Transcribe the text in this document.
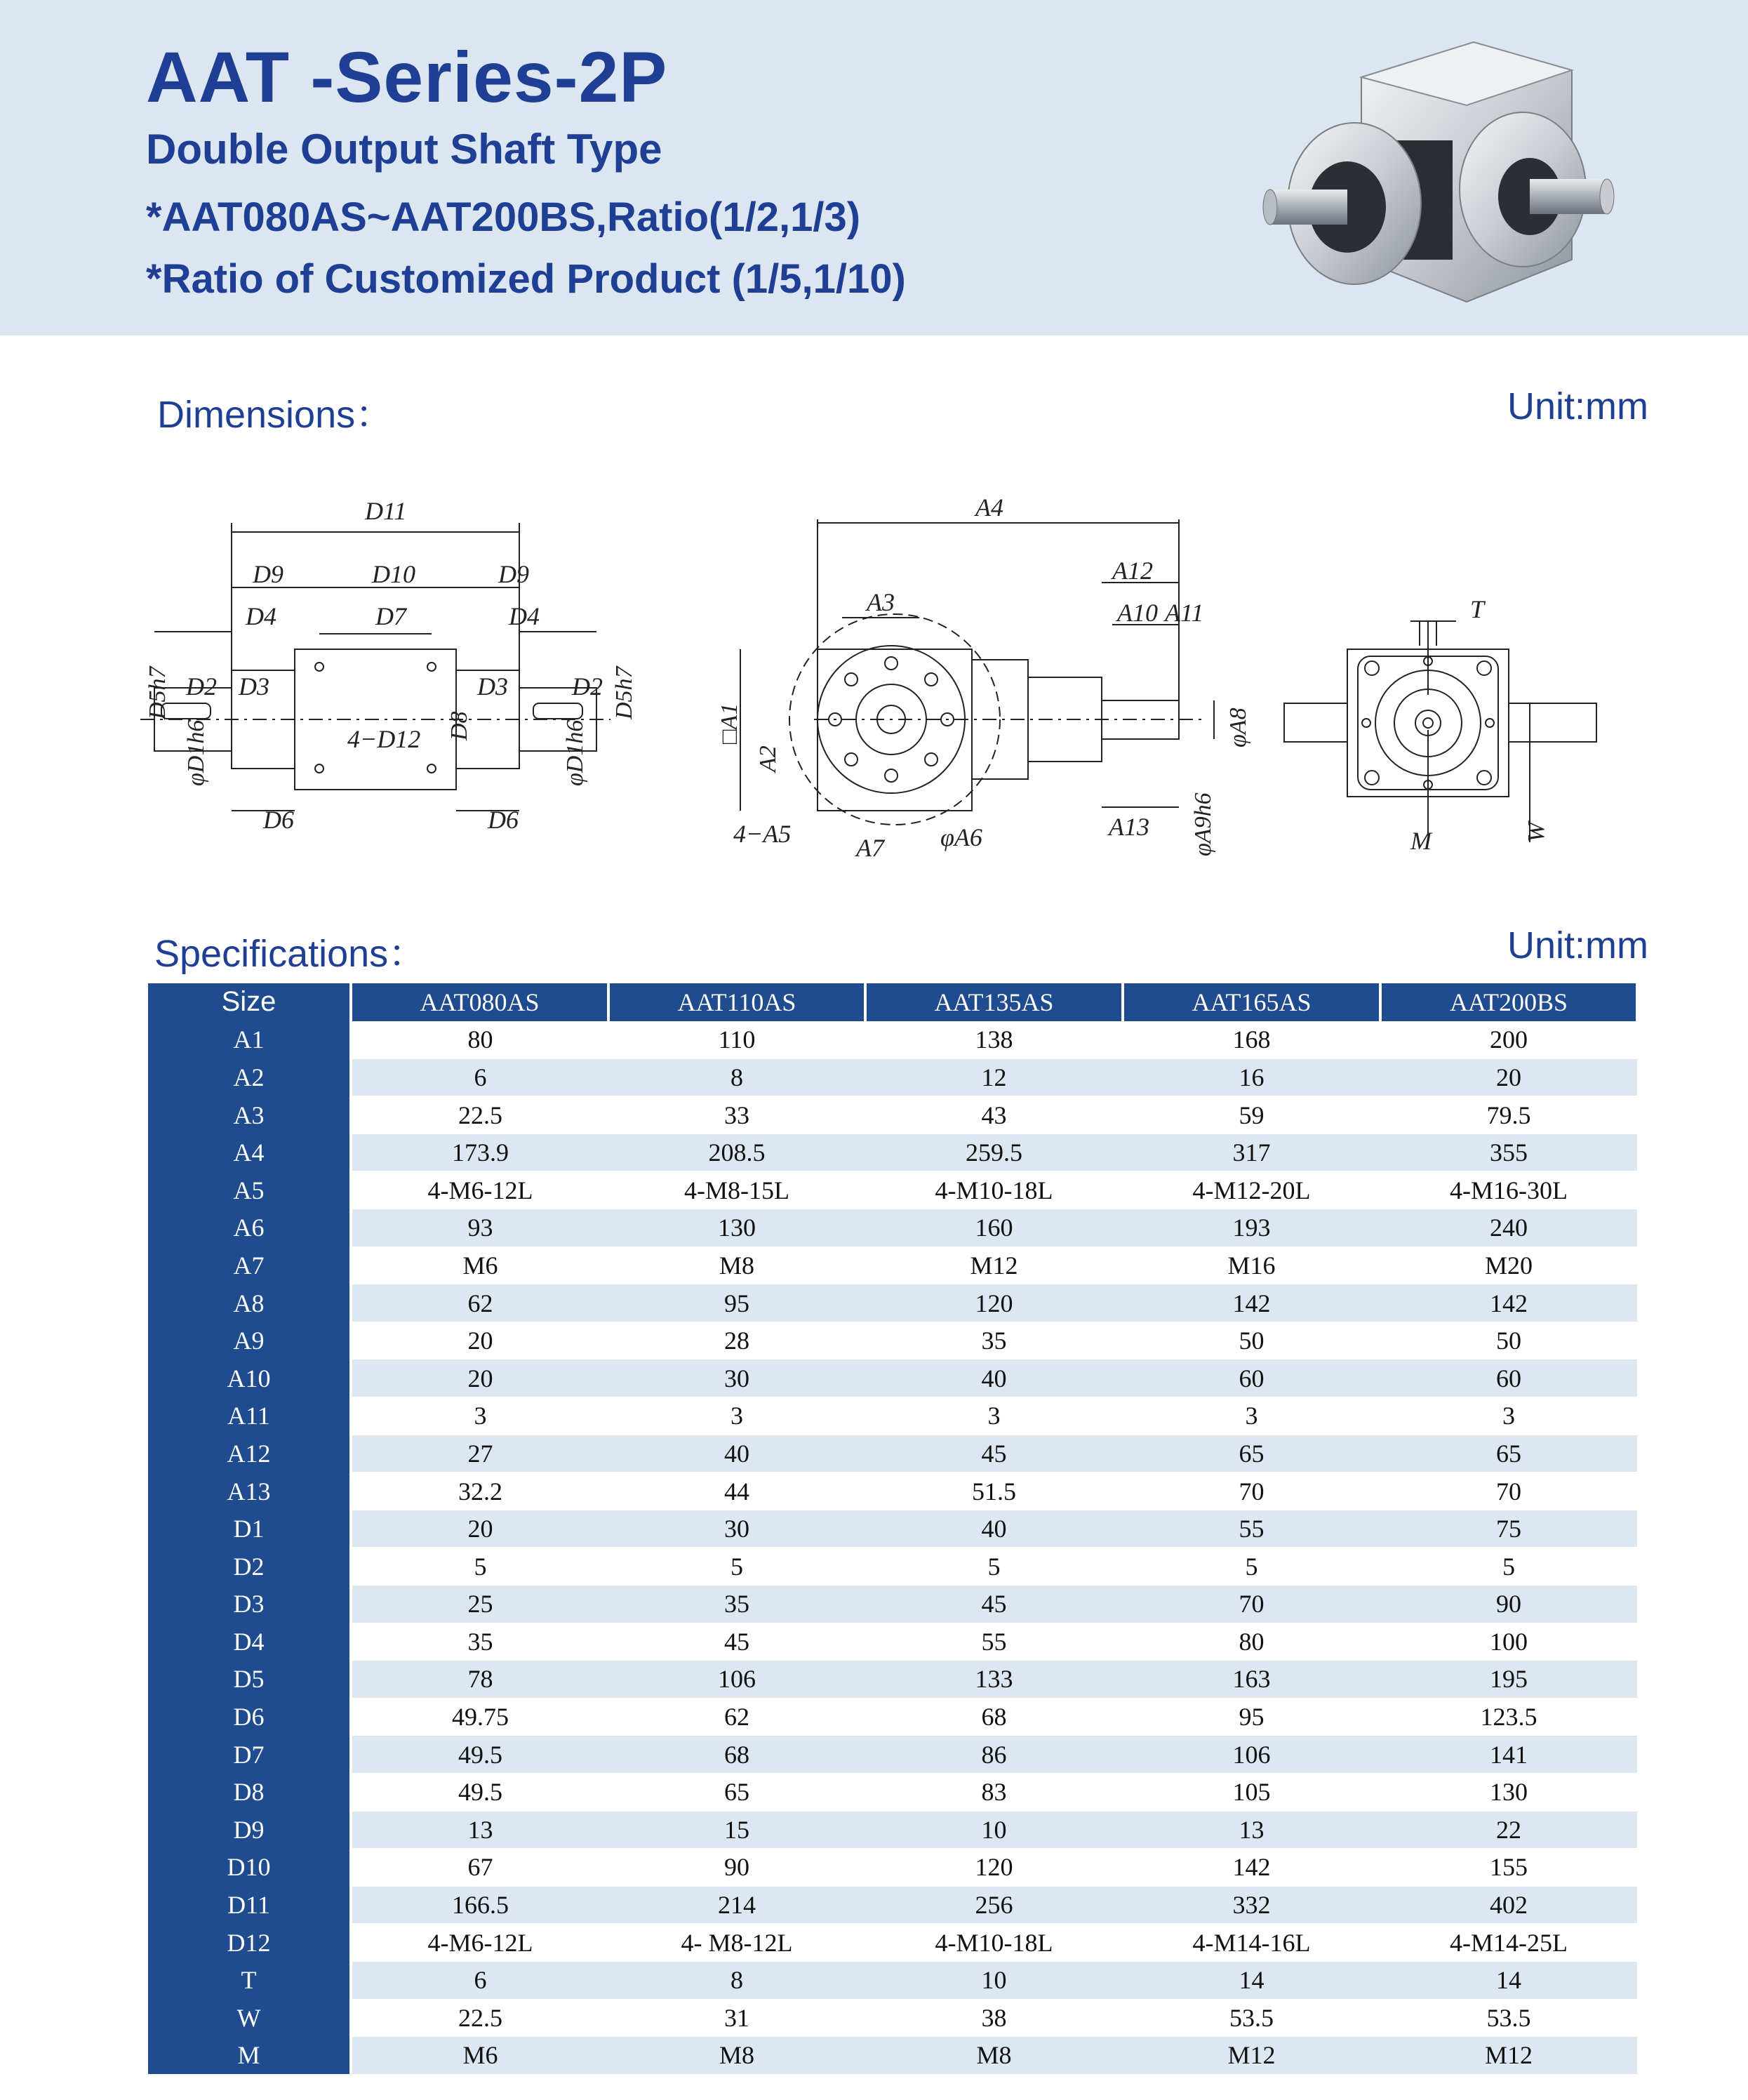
AAT -Series-2P
Double Output Shaft Type
*AAT080AS~AAT200BS,Ratio(1/2,1/3)
*Ratio of Customized Product (1/5,1/10)
Dimensions：	Unit:mm
D11
D9	D10	D9
D4	D7	D4
D2 D3	D3	D2
4−D12
D6	D6
D5h7
φD1h6	D8	φD1h6
D5h7
A4
A3
A12
A10 A11
4−A5	A7 φA6	A13
□A1
A2
φA8
φA9h6
T
M	W
Specifications：	Unit:mm
Size	AAT080AS	AAT110AS	AAT135AS	AAT165AS	AAT200BS
A1	80	110	138	168	200
A2	6	8	12	16	20
A3	22.5	33	43	59	79.5
A4	173.9	208.5	259.5	317	355
A5	4-M6-12L	4-M8-15L	4-M10-18L	4-M12-20L	4-M16-30L
A6	93	130	160	193	240
A7	M6	M8	M12	M16	M20
A8	62	95	120	142	142
A9	20	28	35	50	50
A10	20	30	40	60	60
A11	3	3	3	3	3
A12	27	40	45	65	65
A13	32.2	44	51.5	70	70
D1	20	30	40	55	75
D2	5	5	5	5	5
D3	25	35	45	70	90
D4	35	45	55	80	100
D5	78	106	133	163	195
D6	49.75	62	68	95	123.5
D7	49.5	68	86	106	141
D8	49.5	65	83	105	130
D9	13	15	10	13	22
D10	67	90	120	142	155
D11	166.5	214	256	332	402
D12	4-M6-12L	4- M8-12L	4-M10-18L	4-M14-16L	4-M14-25L
T	6	8	10	14	14
W	22.5	31	38	53.5	53.5
M	M6	M8	M8	M12	M12
